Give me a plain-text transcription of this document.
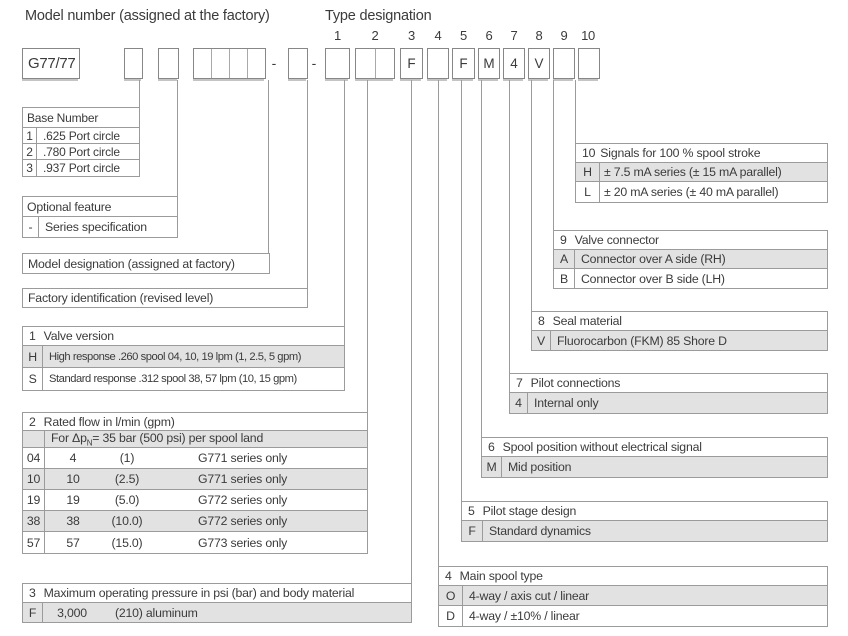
Model number (assigned at the factory)	Type designation
1	2	3	4	5	6	7	8	9	10
G77/77	-	-	F	F	M	4	V
Base Number
1 .625 Port circle
2 .780 Port circle
3 .937 Port circle
Optional feature
-	Series specification
Model designation (assigned at factory)
Factory identification (revised level)
1 Valve version
H	High response .260 spool 04, 10, 19 lpm (1, 2.5, 5 gpm)
S	Standard response .312 spool 38, 57 lpm (10, 15 gpm)
2 Rated flow in l/min (gpm)
For $\Delta p_N= 35$ bar (500 psi) per spool land
04	4	(1)	G771 series only
10	10	(2.5)	G771 series only
19	19	(5.0)	G772 series only
38	38	(10.0)	G772 series only
57	57	(15.0)	G773 series only
3 Maximum operating pressure in psi (bar) and body material
F	3,000	(210) aluminum
4 Main spool type
O	4-way / axis cut / linear
D	4-way / ±10% / linear
5 Pilot stage design
F	Standard dynamics
6 Spool position without electrical signal
M Mid position
7 Pilot connections
4 Internal only
8 Seal material
V Fluorocarbon (FKM) 85 Shore D
9 Valve connector
A	Connector over A side (RH)
B	Connector over B side (LH)
10 Signals for 100 % spool stroke
H ± 7.5 mA series (± 15 mA parallel)
L	± 20 mA series (± 40 mA parallel)
